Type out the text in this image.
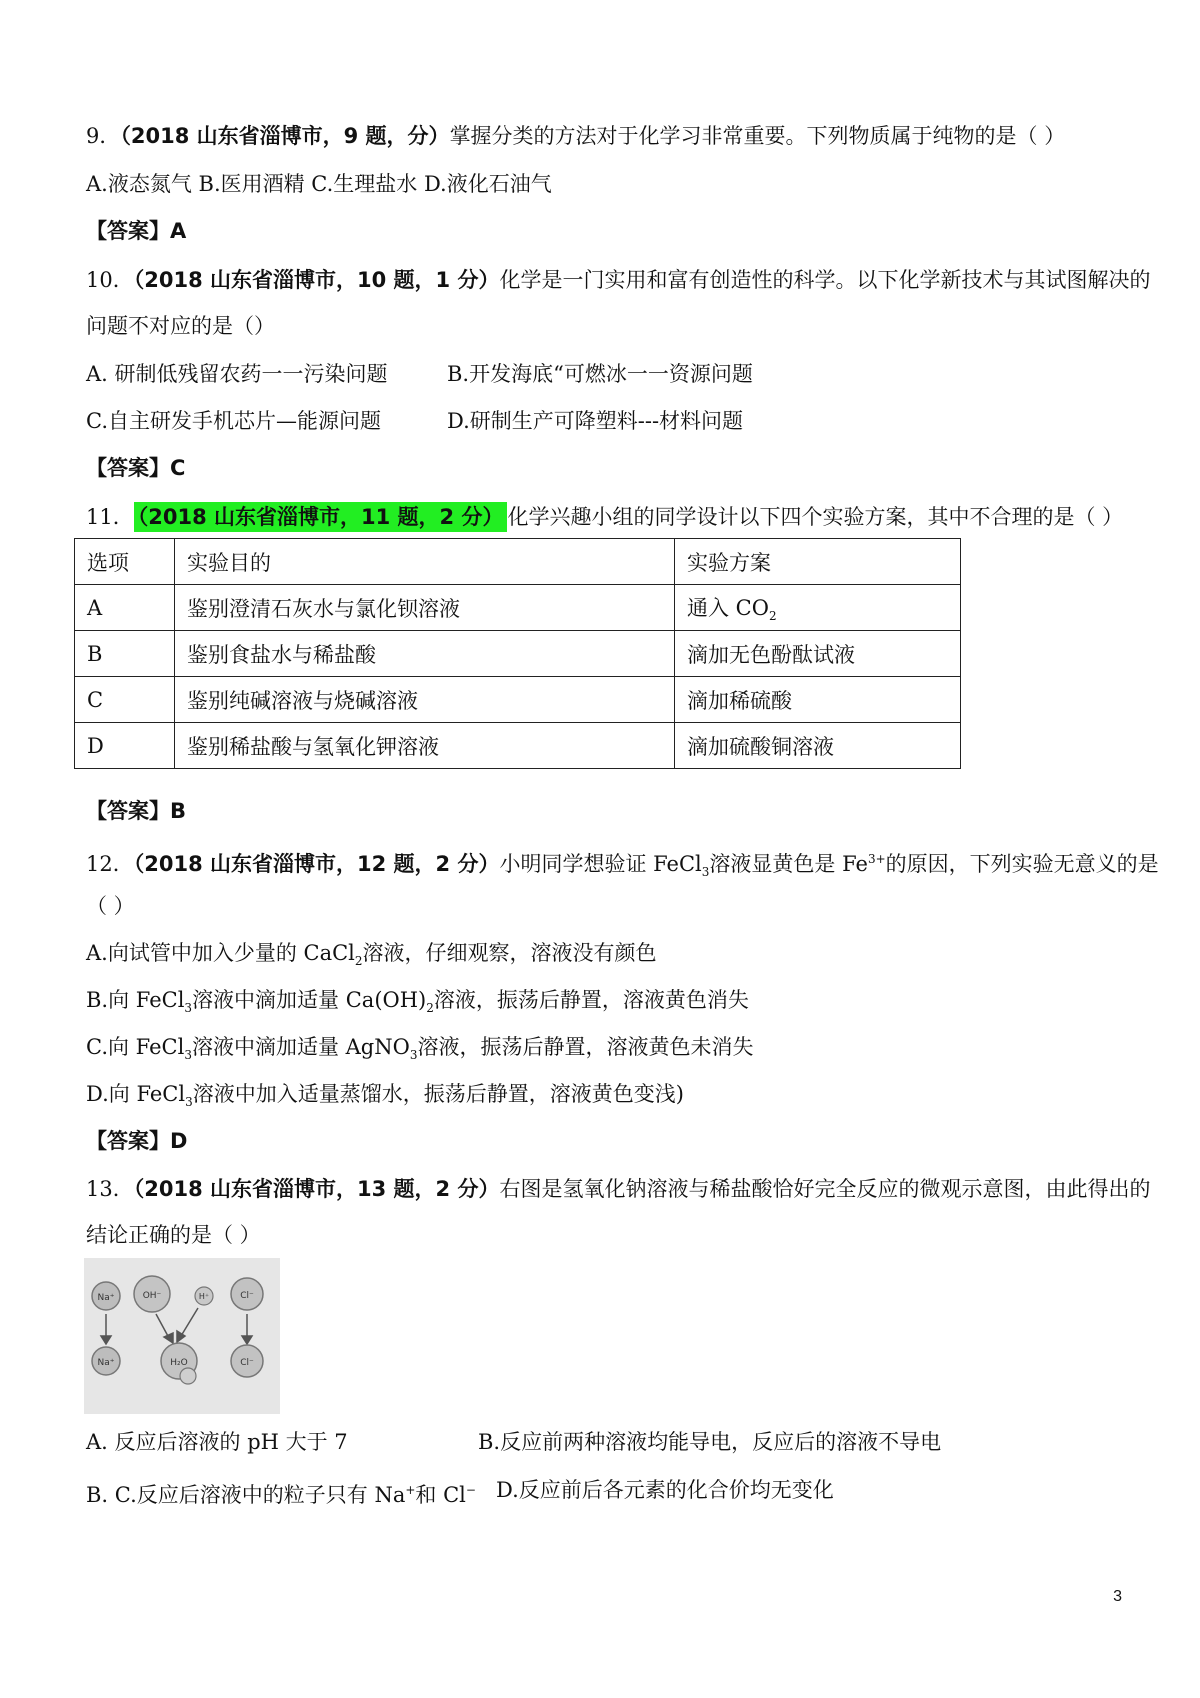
9．（2018 山东省淄博市，9 题，分）掌握分类的方法对于化学习非常重要。下列物质属于纯物的是（ ）
A.液态氮气 B.医用酒精 C.生理盐水 D.液化石油气
【答案】A
10．（2018 山东省淄博市，10 题，1 分）化学是一门实用和富有创造性的科学。以下化学新技术与其试图解决的
问题不对应的是（）
A. 研制低残留农药一一污染问题	B.开发海底“可燃冰一一资源问题
C.自主研发手机芯片—能源问题	D.研制生产可降塑料---材料问题
【答案】C
11． （2018 山东省淄博市，11 题，2 分） 化学兴趣小组的同学设计以下四个实验方案，其中不合理的是（ ）
选项	实验目的	实验方案
A	鉴别澄清石灰水与氯化钡溶液	通入 $CO_2$
B	鉴别食盐水与稀盐酸	滴加无色酚酞试液
C	鉴别纯碱溶液与烧碱溶液	滴加稀硫酸
D	鉴别稀盐酸与氢氧化钾溶液	滴加硫酸铜溶液
【答案】B
12．（2018 山东省淄博市，12 题，2 分）小明同学想验证 FeCl$_3$溶液显黄色是 $Fe^{3+}$的原因，下列实验无意义的是
（ ）
A.向试管中加入少量的 CaCl$_2$溶液，仔细观察，溶液没有颜色
B.向 FeCl$_3$溶液中滴加适量 $Ca(OH)_2$溶液，振荡后静置，溶液黄色消失
C.向 FeCl$_3$溶液中滴加适量 AgNO$_3$溶液，振荡后静置，溶液黄色未消失
D.向 FeCl$_3$溶液中加入适量蒸馏水，振荡后静置，溶液黄色变浅)
【答案】D
13．（2018 山东省淄博市，13 题，2 分）右图是氢氧化钠溶液与稀盐酸恰好完全反应的微观示意图，由此得出的
结论正确的是（ ）
Na⁺	OH⁻	H⁺	Cl⁻
Na⁺	H₂O	Cl⁻
A. 反应后溶液的 pH 大于 7	B.反应前两种溶液均能导电，反应后的溶液不导电
B. C.反应后溶液中的粒子只有 Na+和 Cl− D.反应前后各元素的化合价均无变化
3
